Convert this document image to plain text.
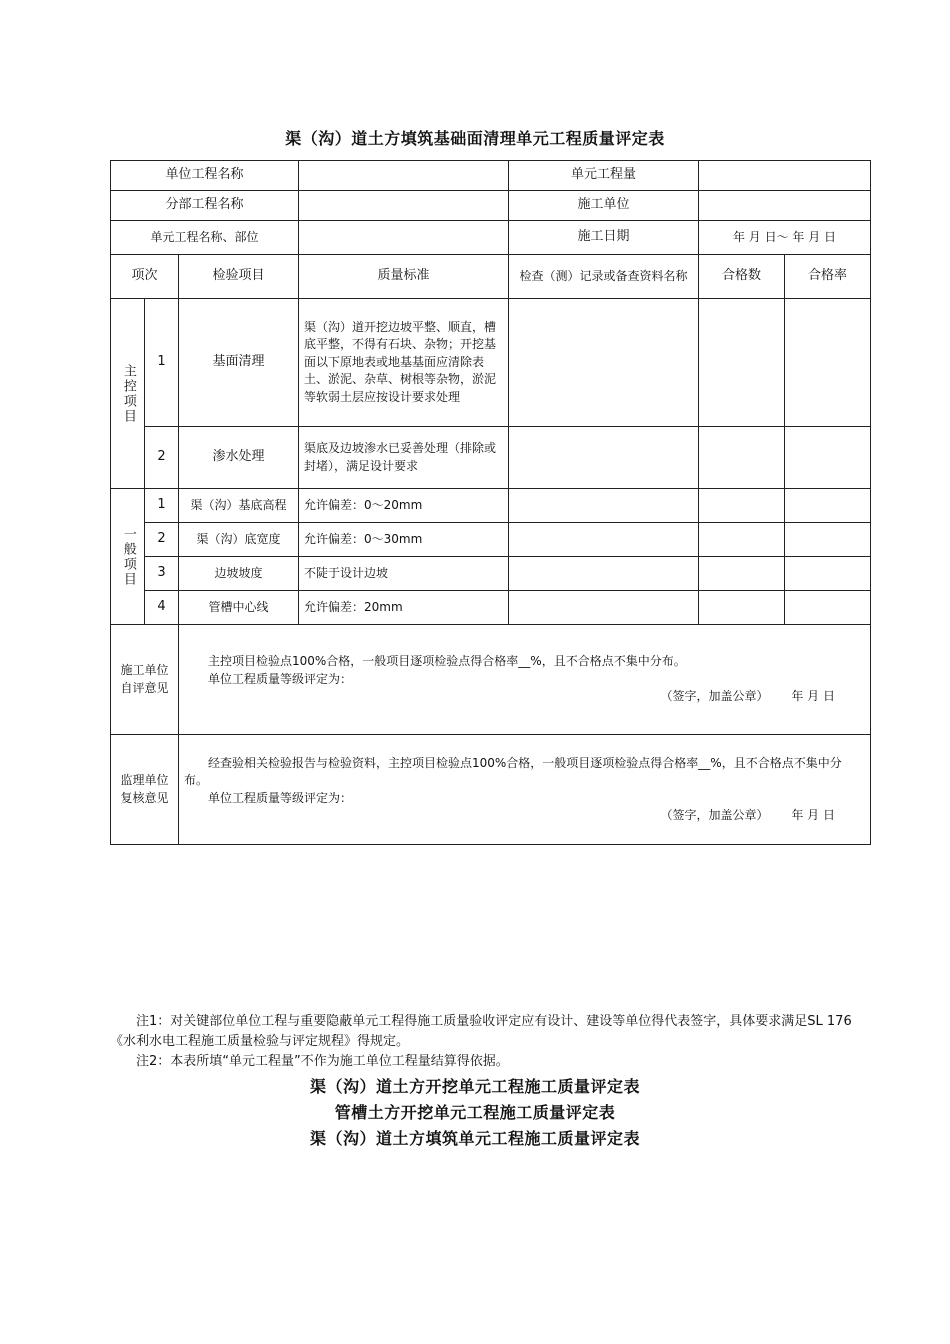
渠（沟）道土方填筑基础面清理单元工程质量评定表
单位工程名称				单元工程量		
分部工程名称				施工单位		
单元工程名称、部位				施工日期	年 月 日～ 年 月 日	
项次		检验项目	质量标准	检查（测）记录或备查资料名称	合格数	合格率
主控项目	1	基面清理	渠（沟）道开挖边坡平整、顺直，槽底平整，不得有石块、杂物；开挖基面以下原地表或地基基面应清除表土、淤泥、杂草、树根等杂物，淤泥等软弱土层应按设计要求处理			
	2	渗水处理	渠底及边坡渗水已妥善处理（排除或封堵），满足设计要求			
一般项目	1	渠（沟）基底高程	允许偏差：0～20mm			
	2	渠（沟）底宽度	允许偏差：0～30mm			
	3	边坡坡度	不陡于设计边坡			
	4	管槽中心线	允许偏差：20mm			
施工单位自评意见		主控项目检验点100%合格，一般项目逐项检验点得合格率__%，且不合格点不集中分布。
单位工程质量等级评定为：
（签字，加盖公章） 年 月 日				

监理单位复核意见		经查验相关检验报告与检验资料，主控项目检验点100%合格，一般项目逐项检验点得合格率__%，且不合格点不集中分布。
单位工程质量等级评定为：
（签字，加盖公章） 年 月 日				
注1：对关键部位单位工程与重要隐蔽单元工程得施工质量验收评定应有设计、建设等单位得代表签字，具体要求满足SL 176《水利水电工程施工质量检验与评定规程》得规定。
注2：本表所填“单元工程量”不作为施工单位工程量结算得依据。
渠（沟）道土方开挖单元工程施工质量评定表
管槽土方开挖单元工程施工质量评定表
渠（沟）道土方填筑单元工程施工质量评定表
